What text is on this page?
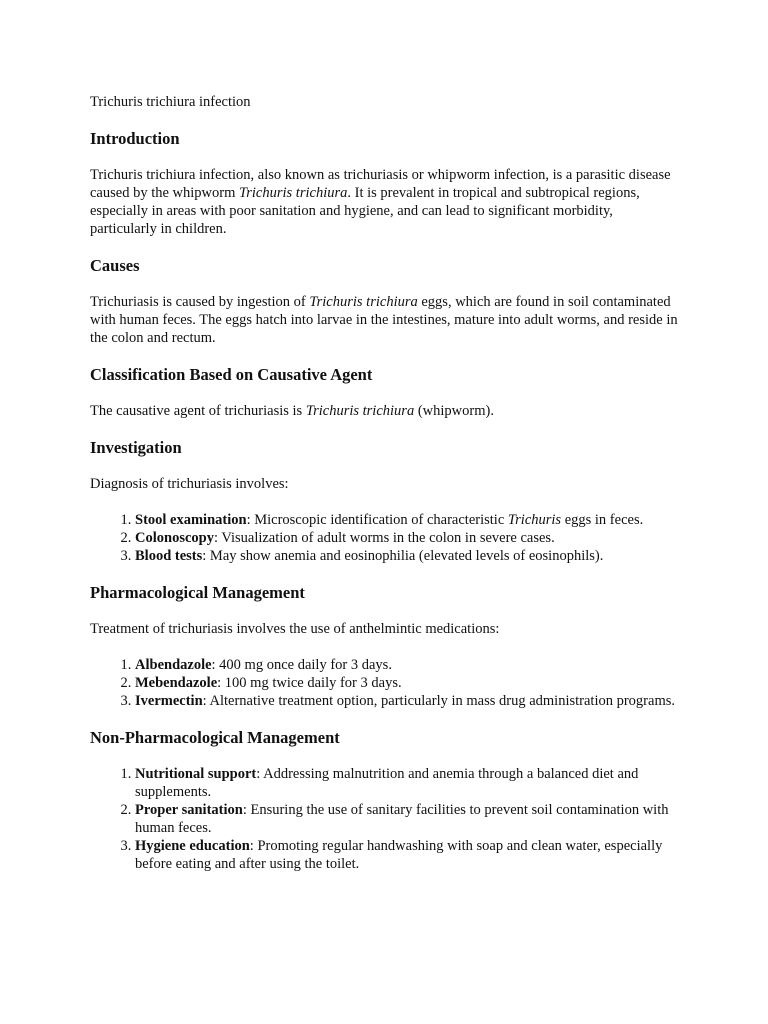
Trichuris trichiura infection
Introduction

Trichuris trichiura infection, also known as trichuriasis or whipworm infection, is a parasitic disease caused by the whipworm Trichuris trichiura. It is prevalent in tropical and subtropical regions, especially in areas with poor sanitation and hygiene, and can lead to significant morbidity, particularly in children.

Causes

Trichuriasis is caused by ingestion of Trichuris trichiura eggs, which are found in soil contaminated with human feces. The eggs hatch into larvae in the intestines, mature into adult worms, and reside in the colon and rectum.

Classification Based on Causative Agent

The causative agent of trichuriasis is Trichuris trichiura (whipworm).

Investigation

Diagnosis of trichuriasis involves:

1. Stool examination: Microscopic identification of characteristic Trichuris eggs in feces.
2. Colonoscopy: Visualization of adult worms in the colon in severe cases.
3. Blood tests: May show anemia and eosinophilia (elevated levels of eosinophils).
Pharmacological Management

Treatment of trichuriasis involves the use of anthelmintic medications:

1. Albendazole: 400 mg once daily for 3 days.
2. Mebendazole: 100 mg twice daily for 3 days.
3. Ivermectin: Alternative treatment option, particularly in mass drug administration programs.
Non-Pharmacological Management
1. Nutritional support: Addressing malnutrition and anemia through a balanced diet and supplements.
2. Proper sanitation: Ensuring the use of sanitary facilities to prevent soil contamination with human feces.
3. Hygiene education: Promoting regular handwashing with soap and clean water, especially before eating and after using the toilet.
